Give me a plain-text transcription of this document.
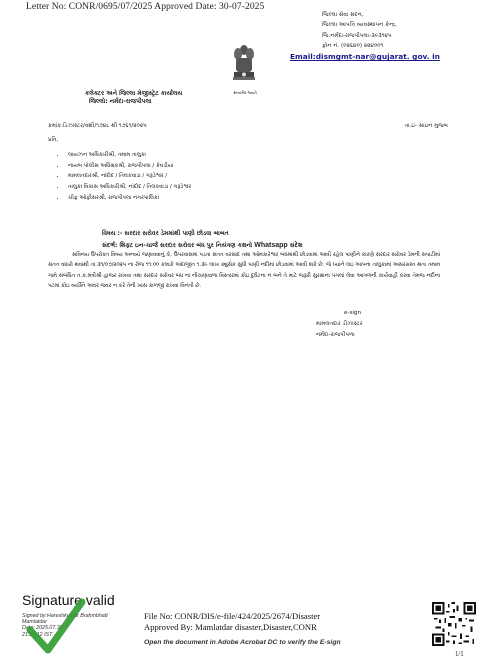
Letter No: CONR/0695/07/2025 Approved Date: 30-07-2025
જિલ્લા સેવા સદન,
જિલ્લા આપત્તિ વ્યવસ્થાપન કેન્દ્ર,
જિ.નર્મદા-રાજપીપલા-૩૯૩૧૪૫
ફોન નં. (૦૨૬૪૦) ૨૨૪૦૦૧
Email:dismgmt-nar@gujarat. gov. in
સત્યમેવ જયતે
કલેક્ટર અને જિલ્લા મેજીસ્ટ્રેટ કાર્યાલય
જિલ્લો: નર્મદા-રાજપીપલા
ક્રમાંક:ડિઝાસ્ટર/વશી/૧૭૪૮ થી ૧૭૬૧/૨૦૨૫	તા.ઇ- સાઇન મુજબ
પ્રતિ,
• લાયઝન અધિકારીશ્રી, તમામ તાલુકા
• નાયબ પોલીસ અધિક્ષકશ્રી, રાજપીપલા / કેવડીયા
• મામલતદારશ્રી, નાંદોદ / તિલકવાડા / ગરૂડેશ્વર /
• તાલુકા વિકાસ અધિકારીશ્રી, નાંદોદ / તિલકવાડા / ગરૂડેશ્વર
• ચીફ ઓફીસરશ્રી, રાજપીપલા નગરપાલિકા
વિષય :- સરદાર સરોવર ડેમમાંથી પાણી છોડવા બાબત
સંદર્ભ: શિફ્ટ ઇન-ચાર્જ સરદાર સરોવર બંધ પુર નિયંત્રણ કક્ષનો Whatsapp સંદેશ
સવિનય ઉપરોક્ત વિષય અન્વયે જણાવવાનું કે, ઉપરવાસમાં પડતા સતત વરસાદ તથા ઓમકારેશ્વર બંધમાંથી છોડવામાં આવી રહેલ પાણીને કારણે સરદાર સરોવર ડેમની સપાટીમાં સતત વધારો થવાથી તા.૩૧/૦૭/૨૦૨૫ ના રોજ ૧૧:૦૦ કલાકે અંદાજીત ૧.૩૯ લાખ ક્યુસેક સુધી પાણી નદીમાં છોડવામાં આવી શકે છે. જે ધ્યાને લઇ આપના તાલુકામાં અસરગ્રસ્ત થતા તમામ ગામે સંબંધિત ત.ક.મંત્રીશ્રી હાજર રાખવા તથા સરદાર સરોવર બંધ ના નીચાણવાળા વિસ્તારમાં કોઇ દુર્ઘટના ન બને તે માટે જરૂરી સુરક્ષાના પગલાં લેવા આગળની કાર્યવાહી કરવા તેમજ નદીના પટમાં કોઇ વ્યક્તિ અવર જવર ન કરે તેની ખાસ કાળજી રાખવા વિનંતી છે.
e-sign
મામલતદાર ડીઝાસ્ટર
નર્મદા-રાજપીપળા
Signature valid
Signed by:Hareshkumar Brahmbhatt
Mamlatdar
Date: 2025.07.30
21:29:12 IST
File No: CONR/DIS/e-file/424/2025/2674/Disaster
Approved By: Mamlatdar disaster,Disaster,CONR
Open the document in Adobe Acrobat DC to verify the E-sign
1/1
